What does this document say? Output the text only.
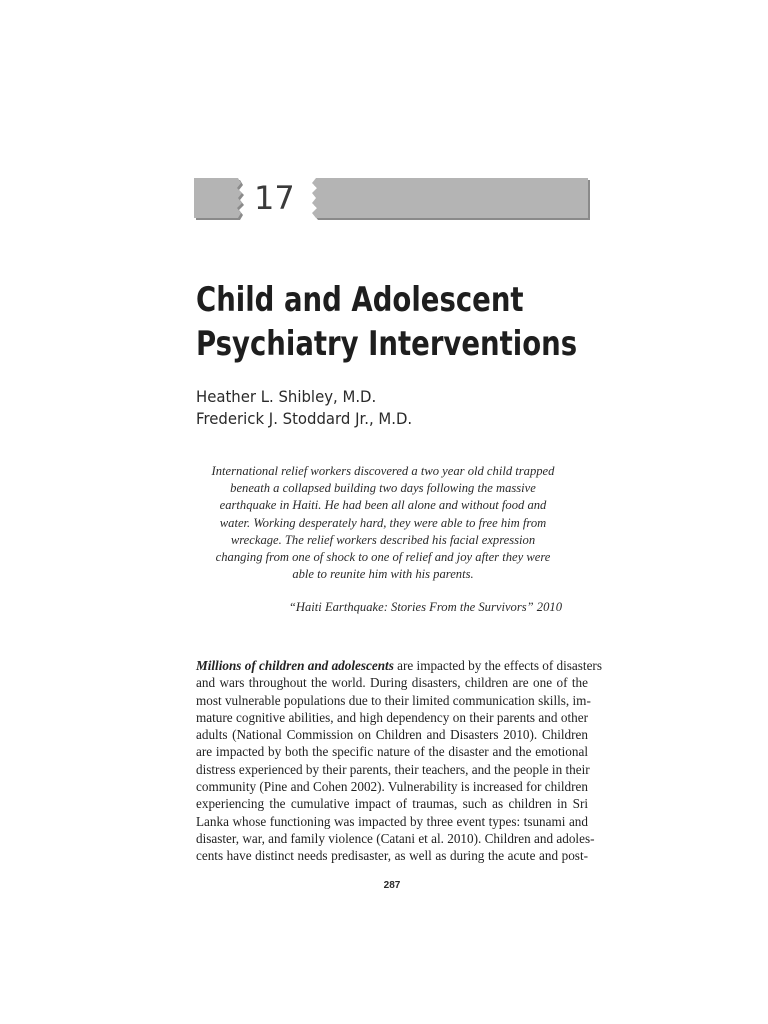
17
Child and Adolescent
Psychiatry Interventions
Heather L. Shibley, M.D.
Frederick J. Stoddard Jr., M.D.
International relief workers discovered a two year old child trapped
beneath a collapsed building two days following the massive
earthquake in Haiti. He had been all alone and without food and
water. Working desperately hard, they were able to free him from
wreckage. The relief workers described his facial expression
changing from one of shock to one of relief and joy after they were
able to reunite him with his parents.
“Haiti Earthquake: Stories From the Survivors” 2010
Millions of children and adolescents are impacted by the effects of disasters
and wars throughout the world. During disasters, children are one of the
most vulnerable populations due to their limited communication skills, im-
mature cognitive abilities, and high dependency on their parents and other
adults (National Commission on Children and Disasters 2010). Children
are impacted by both the specific nature of the disaster and the emotional
distress experienced by their parents, their teachers, and the people in their
community (Pine and Cohen 2002). Vulnerability is increased for children
experiencing the cumulative impact of traumas, such as children in Sri
Lanka whose functioning was impacted by three event types: tsunami and
disaster, war, and family violence (Catani et al. 2010). Children and adoles-
cents have distinct needs predisaster, as well as during the acute and post-
287
